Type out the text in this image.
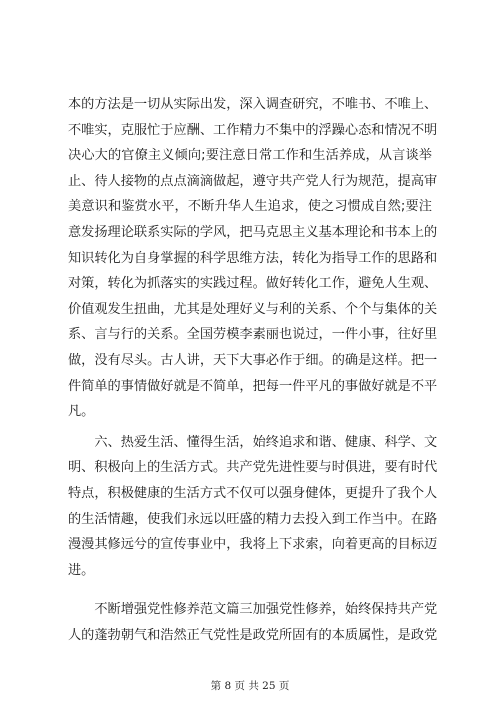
本的方法是一切从实际出发，深入调查研究，不唯书、不唯上、
不唯实，克服忙于应酬、工作精力不集中的浮躁心态和情况不明
决心大的官僚主义倾向;要注意日常工作和生活养成，从言谈举
止、待人接物的点点滴滴做起，遵守共产党人行为规范，提高审
美意识和鉴赏水平，不断升华人生追求，使之习惯成自然;要注
意发扬理论联系实际的学风，把马克思主义基本理论和书本上的
知识转化为自身掌握的科学思维方法，转化为指导工作的思路和
对策，转化为抓落实的实践过程。做好转化工作，避免人生观、
价值观发生扭曲，尤其是处理好义与利的关系、个个与集体的关
系、言与行的关系。全国劳模李素丽也说过，一件小事，往好里
做，没有尽头。古人讲，天下大事必作于细。的确是这样。把一
件简单的事情做好就是不简单，把每一件平凡的事做好就是不平
凡。
　　六、热爱生活、懂得生活，始终追求和谐、健康、科学、文
明、积极向上的生活方式。共产党先进性要与时俱进，要有时代
特点，积极健康的生活方式不仅可以强身健体，更提升了我个人
的生活情趣，使我们永远以旺盛的精力去投入到工作当中。在路
漫漫其修远兮的宣传事业中，我将上下求索，向着更高的目标迈
进。
　　不断增强党性修养范文篇三加强党性修养，始终保持共产党
人的蓬勃朝气和浩然正气党性是政党所固有的本质属性，是政党
第 8 页 共 25 页
